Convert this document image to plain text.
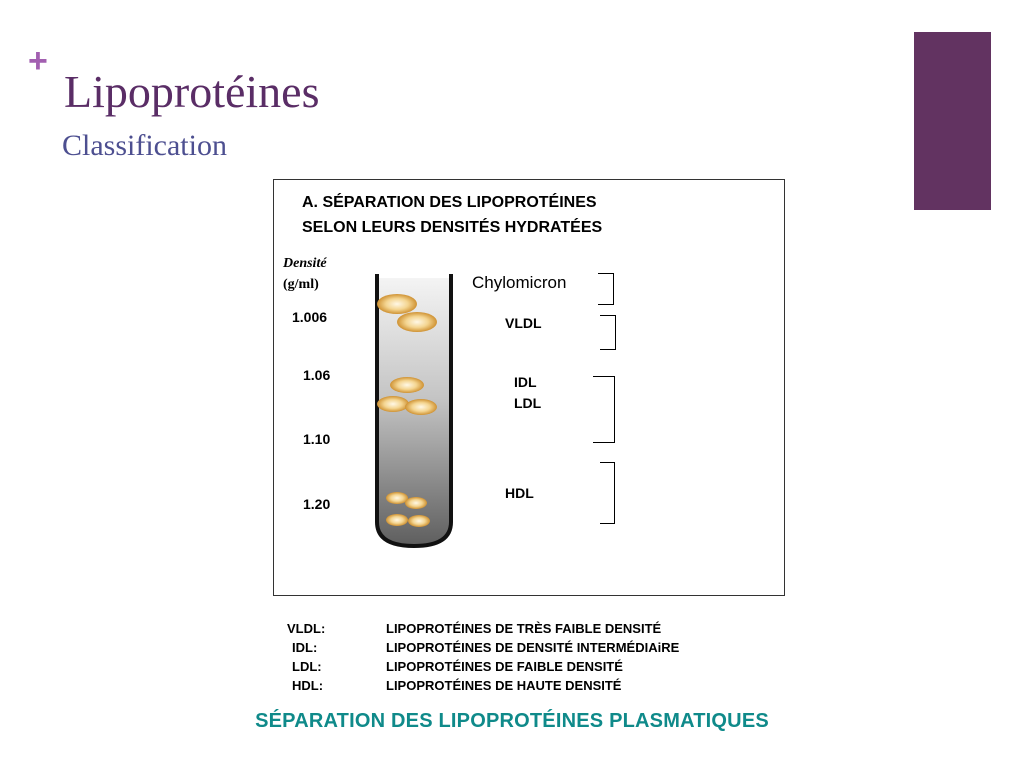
+
Lipoprotéines
Classification
A. SÉPARATION DES LIPOPROTÉINES
SELON LEURS DENSITÉS HYDRATÉES
Densité
(g/ml)
1.006
1.06
1.10
1.20
Chylomicron
VLDL
IDL
LDL
HDL
VLDL:	LIPOPROTÉINES DE TRÈS FAIBLE DENSITÉ
IDL:	LIPOPROTÉINES DE DENSITÉ INTERMÉDIAiRE
LDL:	LIPOPROTÉINES DE FAIBLE DENSITÉ
HDL:	LIPOPROTÉINES DE HAUTE DENSITÉ
SÉPARATION DES LIPOPROTÉINES PLASMATIQUES
